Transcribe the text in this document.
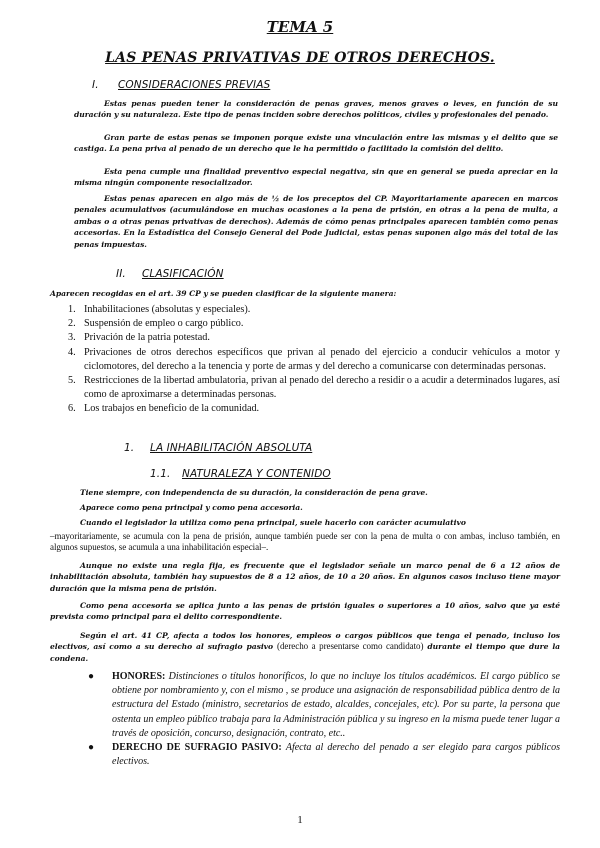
TEMA 5
LAS PENAS PRIVATIVAS DE OTROS DERECHOS.
I. CONSIDERACIONES PREVIAS
Estas penas pueden tener la consideración de penas graves, menos graves o leves, en función de su duración y su naturaleza. Este tipo de penas inciden sobre derechos políticos, civiles y profesionales del penado.
Gran parte de estas penas se imponen porque existe una vinculación entre las mismas y el delito que se castiga. La pena priva al penado de un derecho que le ha permitido o facilitado la comisión del delito.
Esta pena cumple una finalidad preventivo especial negativa, sin que en general se pueda apreciar en la misma ningún componente resocializador.
Estas penas aparecen en algo más de ½ de los preceptos del CP. Mayoritariamente aparecen en marcos penales acumulativos (acumulándose en muchas ocasiones a la pena de prisión, en otras a la pena de multa, a ambas o a otras penas privativas de derechos). Además de cómo penas principales aparecen también como penas accesorias. En la Estadística del Consejo General del Pode Judicial, estas penas suponen algo más del total de las penas impuestas.
II. CLASIFICACIÓN
Aparecen recogidas en el art. 39 CP y se pueden clasificar de la siguiente manera:
1. Inhabilitaciones (absolutas y especiales).
2. Suspensión de empleo o cargo público.
3. Privación de la patria potestad.
4. Privaciones de otros derechos específicos que privan al penado del ejercicio a conducir vehículos a motor y ciclomotores, del derecho a la tenencia y porte de armas y del derecho a comunicarse con determinadas personas.
5. Restricciones de la libertad ambulatoria, privan al penado del derecho a residir o a acudir a determinados lugares, así como de aproximarse a determinadas personas.
6. Los trabajos en beneficio de la comunidad.
1. LA INHABILITACIÓN ABSOLUTA
1.1. NATURALEZA Y CONTENIDO
Tiene siempre, con independencia de su duración, la consideración de pena grave.
Aparece como pena principal y como pena accesoria.
Cuando el legislador la utiliza como pena principal, suele hacerlo con carácter acumulativo
–mayoritariamente, se acumula con la pena de prisión, aunque también puede ser con la pena de multa o con ambas, incluso también, en algunos supuestos, se acumula a una inhabilitación especial–.
Aunque no existe una regla fija, es frecuente que el legislador señale un marco penal de 6 a 12 años de inhabilitación absoluta, también hay supuestos de 8 a 12 años, de 10 a 20 años. En algunos casos incluso tiene mayor duración que la misma pena de prisión.
Como pena accesoria se aplica junto a las penas de prisión iguales o superiores a 10 años, salvo que ya esté prevista como principal para el delito correspondiente.
Según el art. 41 CP, afecta a todos los honores, empleos o cargos públicos que tenga el penado, incluso los electivos, así como a su derecho al sufragio pasivo (derecho a presentarse como candidato) durante el tiempo que dure la condena.
● HONORES: Distinciones o títulos honoríficos, lo que no incluye los títulos académicos. El cargo público se obtiene por nombramiento y, con el mismo , se produce una asignación de responsabilidad pública dentro de la estructura del Estado (ministro, secretarios de estado, alcaldes, concejales, etc). Por su parte, la persona que ostenta un empleo público trabaja para la Administración pública y su ingreso en la misma puede tener lugar a través de oposición, concurso, designación, contrato, etc..
● DERECHO DE SUFRAGIO PASIVO: Afecta al derecho del penado a ser elegido para cargos públicos electivos.
1
